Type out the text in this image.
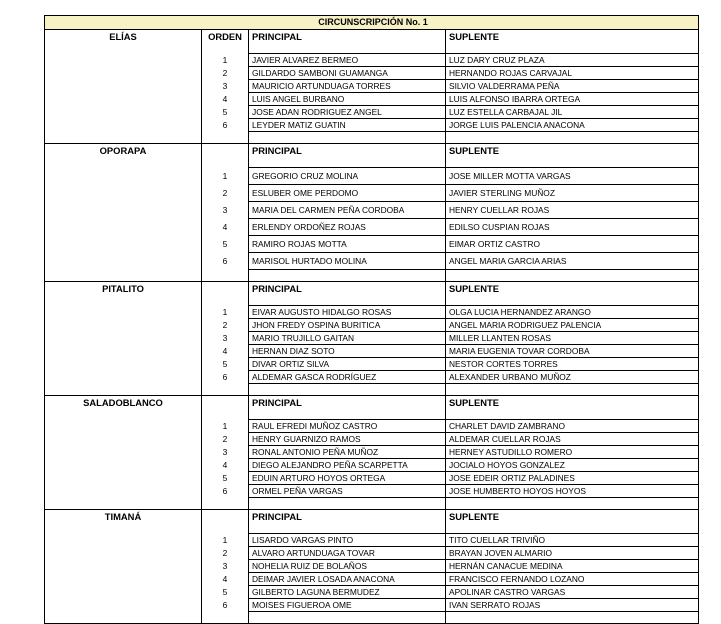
CIRCUNSCRIPCIÓN No. 1			
ELÍAS	ORDEN	PRINCIPAL	SUPLENTE

	1	JAVIER ALVAREZ BERMEO	LUZ DARY CRUZ PLAZA
	2	GILDARDO SAMBONI GUAMANGA	HERNANDO ROJAS CARVAJAL
	3	MAURICIO ARTUNDUAGA TORRES	SILVIO VALDERRAMA PEÑA
	4	LUIS ANGEL BURBANO	LUIS ALFONSO IBARRA ORTEGA
	5	JOSE ADAN RODRIGUEZ ANGEL	LUZ ESTELLA CARBAJAL JIL
	6	LEYDER MATIZ GUATIN	JORGE LUIS PALENCIA ANACONA

OPORAPA		PRINCIPAL	SUPLENTE

	1	GREGORIO CRUZ MOLINA	JOSE MILLER MOTTA VARGAS
	2	ESLUBER OME PERDOMO	JAVIER STERLING MUÑOZ
	3	MARIA DEL CARMEN PEÑA CORDOBA	HENRY CUELLAR ROJAS
	4	ERLENDY ORDOÑEZ ROJAS	EDILSO CUSPIAN ROJAS
	5	RAMIRO ROJAS MOTTA	EIMAR ORTIZ CASTRO
	6	MARISOL HURTADO MOLINA	ANGEL MARIA GARCIA ARIAS

PITALITO		PRINCIPAL	SUPLENTE

	1	EIVAR AUGUSTO HIDALGO ROSAS	OLGA LUCIA HERNANDEZ ARANGO
	2	JHON FREDY OSPINA BURITICA	ANGEL MARIA RODRIGUEZ PALENCIA
	3	MARIO TRUJILLO GAITAN	MILLER LLANTEN ROSAS
	4	HERNAN DIAZ SOTO	MARIA EUGENIA TOVAR CORDOBA
	5	DIVAR ORTIZ SILVA	NESTOR CORTES TORRES
	6	ALDEMAR GASCA RODRÍGUEZ	ALEXANDER URBANO MUÑOZ

SALADOBLANCO		PRINCIPAL	SUPLENTE

	1	RAUL EFREDI MUÑOZ CASTRO	CHARLET DAVID ZAMBRANO
	2	HENRY GUARNIZO RAMOS	ALDEMAR CUELLAR ROJAS
	3	RONAL ANTONIO PEÑA MUÑOZ	HERNEY ASTUDILLO ROMERO
	4	DIEGO ALEJANDRO PEÑA SCARPETTA	JOCIALO HOYOS GONZALEZ
	5	EDUIN ARTURO HOYOS ORTEGA	JOSE EDEIR ORTIZ PALADINES
	6	ORMEL PEÑA VARGAS	JOSE HUMBERTO HOYOS HOYOS

TIMANÁ		PRINCIPAL	SUPLENTE

	1	LISARDO VARGAS PINTO	TITO CUELLAR TRIVIÑO
	2	ALVARO ARTUNDUAGA TOVAR	BRAYAN JOVEN ALMARIO
	3	NOHELIA RUIZ DE BOLAÑOS	HERNÁN CANACUE MEDINA
	4	DEIMAR JAVIER LOSADA ANACONA	FRANCISCO FERNANDO LOZANO
	5	GILBERTO LAGUNA BERMUDEZ	APOLINAR CASTRO VARGAS
	6	MOISES FIGUEROA OME	IVAN SERRATO ROJAS
